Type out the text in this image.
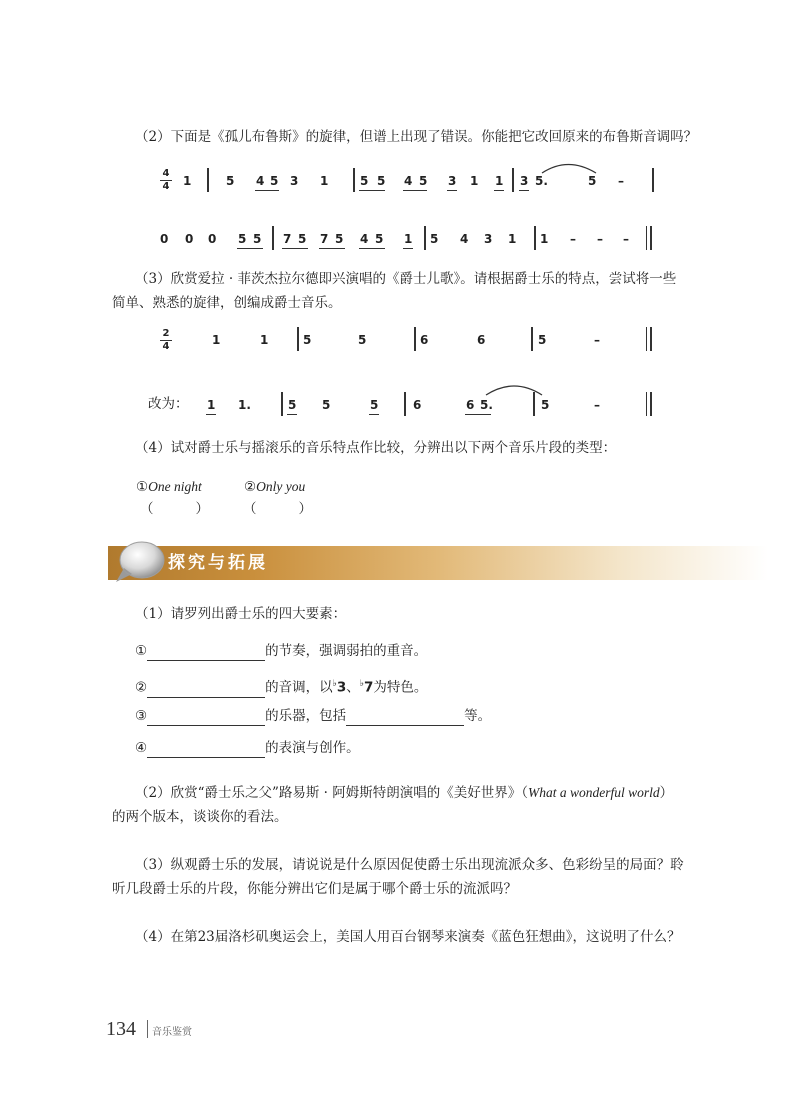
（2）下面是《孤儿布鲁斯》的旋律，但谱上出现了错误。你能把它改回原来的布鲁斯音调吗？
4
4 1	5 4 5 3 1	5 5 4 5 3 1 1 3 5.	5 –
0 0 0 5 5 7 5 7 5 4 5 1 5 4 3 1 1 – – –
（3）欣赏爱拉 · 菲茨杰拉尔德即兴演唱的《爵士儿歌》。请根据爵士乐的特点，尝试将一些
简单、熟悉的旋律，创编成爵士音乐。
2
4	1	1	5	5	6	6	5	–
改为： 1 1.	5 5	5	6	6 5.	5	–
（4）试对爵士乐与摇滚乐的音乐特点作比较，分辨出以下两个音乐片段的类型：
①One night	②Only you
（	）	（	）
探究与拓展
（1）请罗列出爵士乐的四大要素：
①	的节奏，强调弱拍的重音。
②	的音调，以♭3、♭7为特色。
③	的乐器，包括	等。
④	的表演与创作。
（2）欣赏“爵士乐之父”路易斯 · 阿姆斯特朗演唱的《美好世界》（What a wonderful world）
的两个版本，谈谈你的看法。
（3）纵观爵士乐的发展，请说说是什么原因促使爵士乐出现流派众多、色彩纷呈的局面？聆
听几段爵士乐的片段，你能分辨出它们是属于哪个爵士乐的流派吗？
（4）在第23届洛杉矶奥运会上，美国人用百台钢琴来演奏《蓝色狂想曲》，这说明了什么？
134 音乐鉴赏
